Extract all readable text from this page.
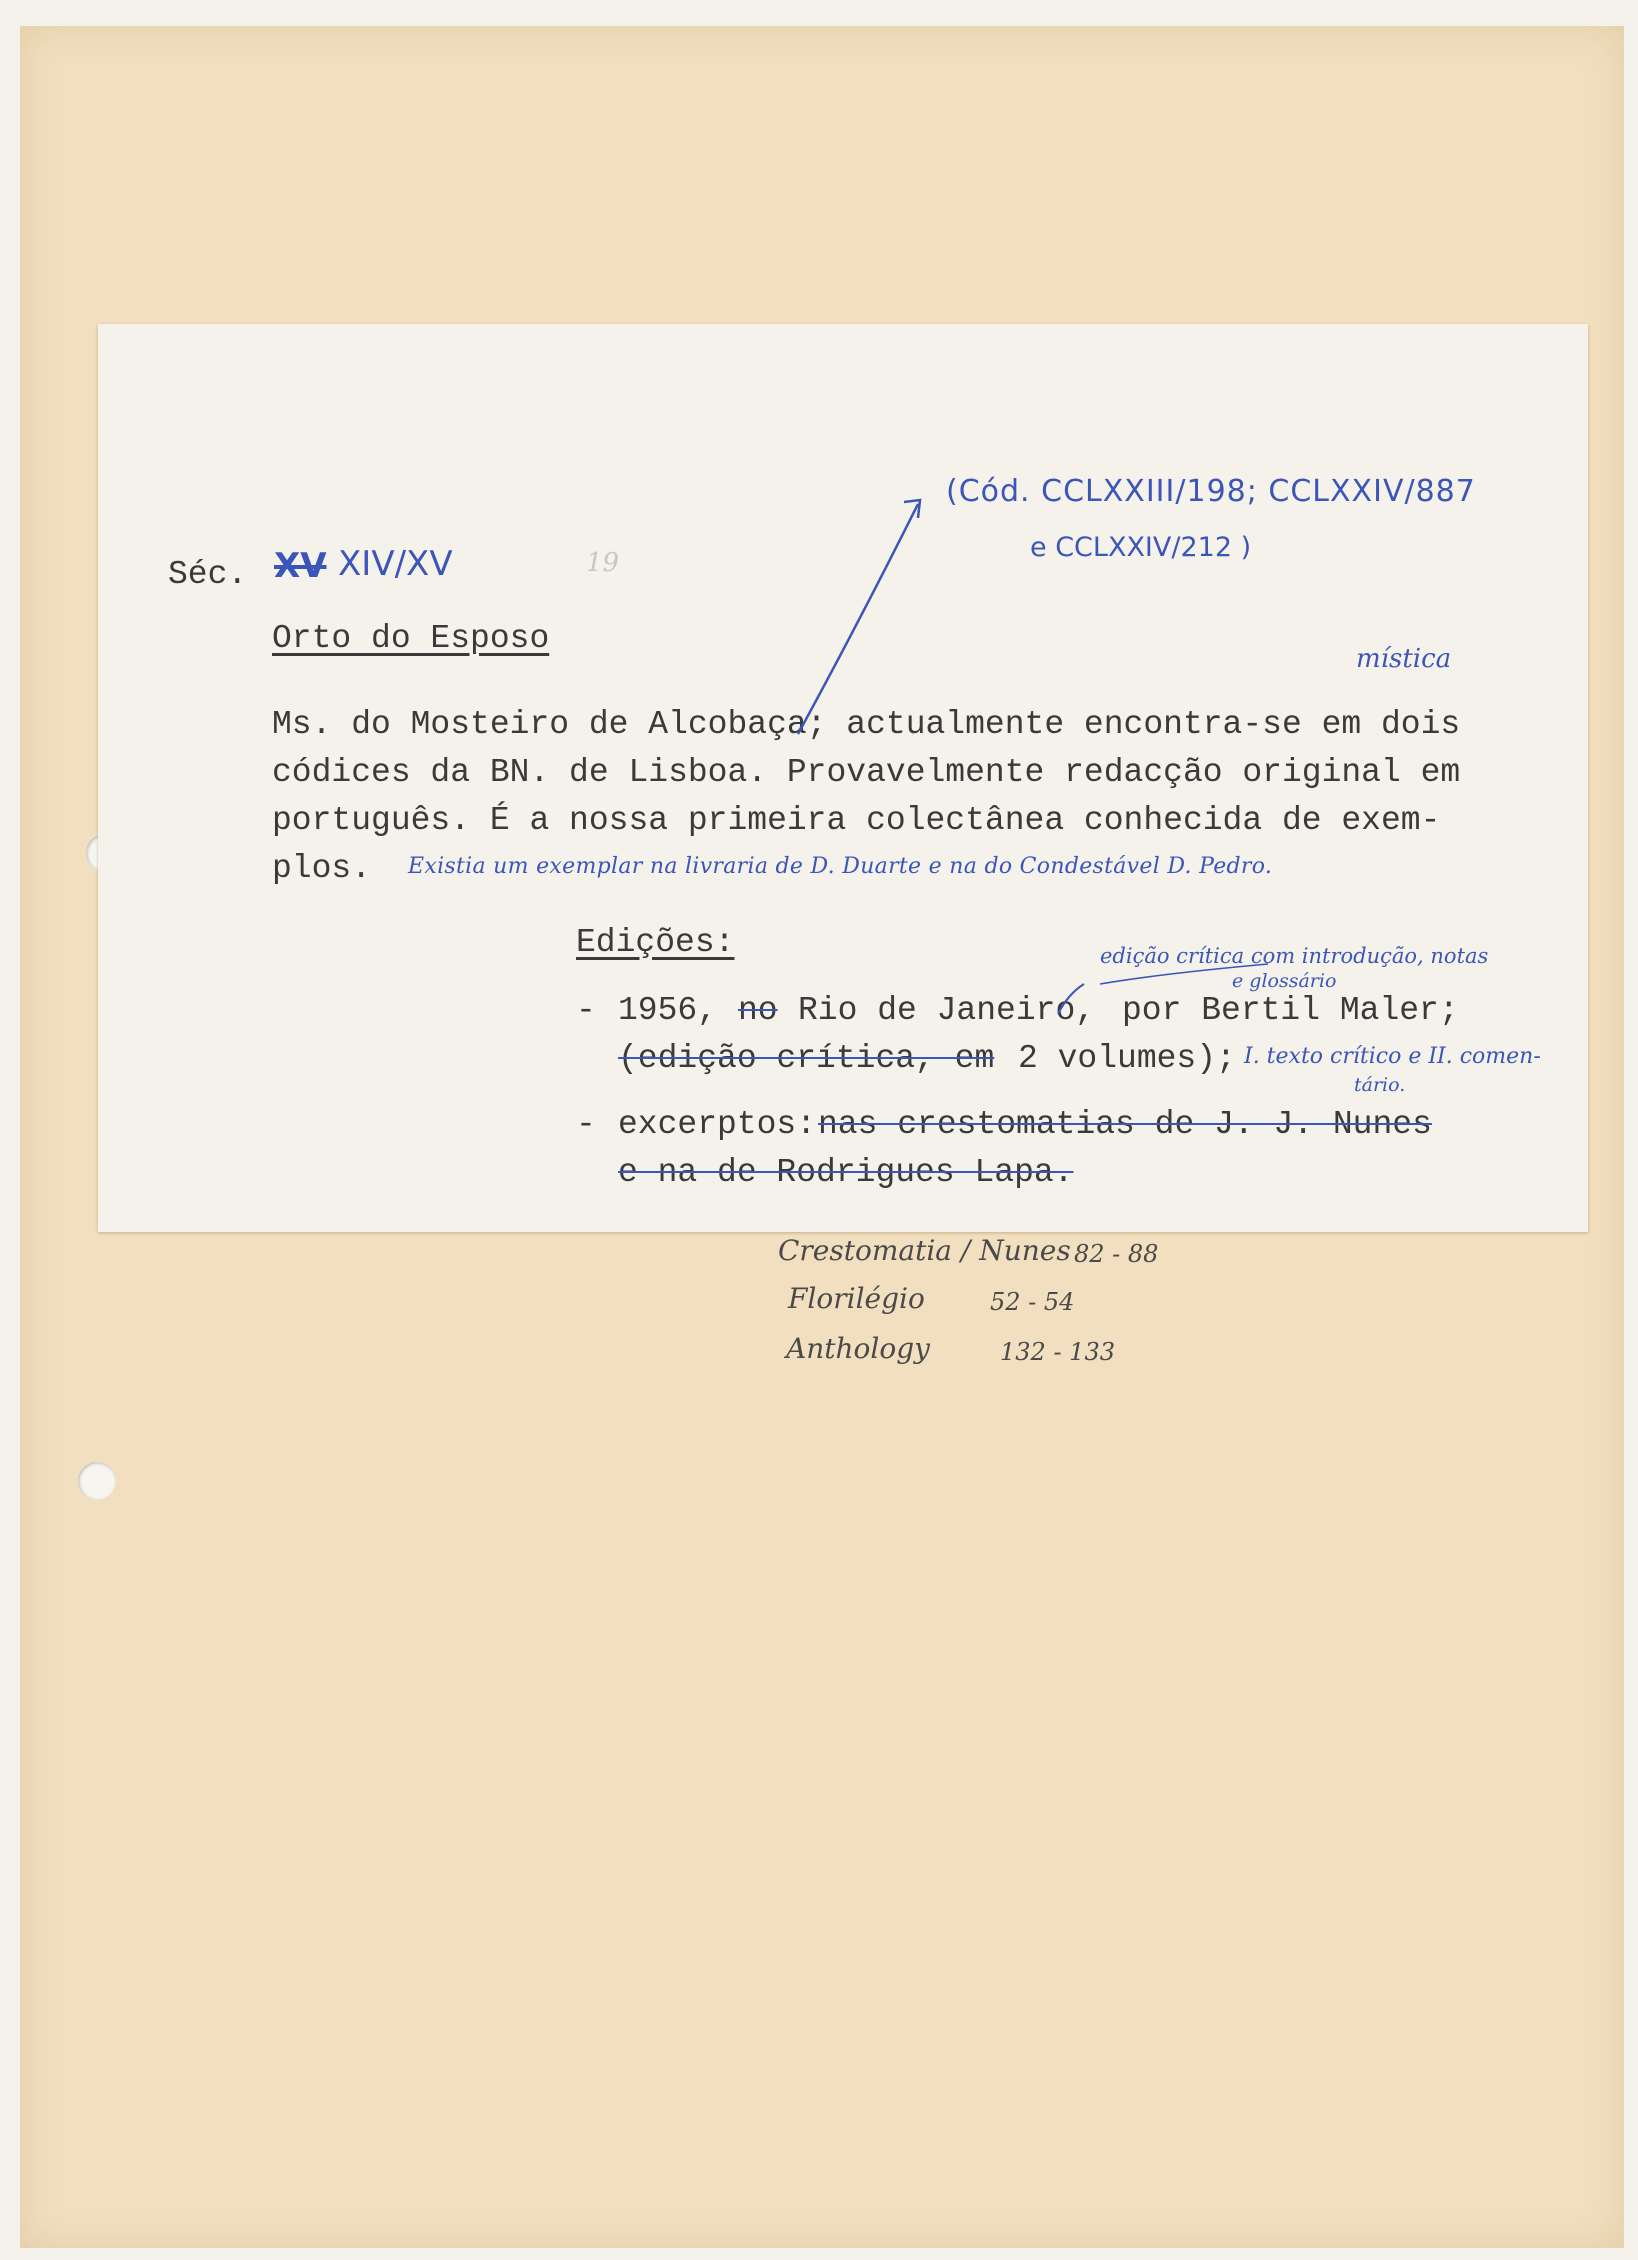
Séc. XV XIV/XV	19
(Cód. CCLXXIII/198; CCLXXIV/887
e CCLXXIV/212 )
Orto do Esposo
mística
Ms. do Mosteiro de Alcobaça; actualmente encontra-se em dois
códices da BN. de Lisboa. Provavelmente redacção original em
português. É a nossa primeira colectânea conhecida de exem-
plos. Existia um exemplar na livraria de D. Duarte e na do Condestável D. Pedro.
Edições:	edição crítica com introdução, notas
e glossário
- 1956, no Rio de Janeiro, por Bertil Maler;
(edição crítica, em 2 volumes); I. texto crítico e II. comen-
tário.
- excerptos: nas crestomatias de J. J. Nunes
e na de Rodrigues Lapa.
Crestomatia / Nunes 82 - 88
Florilégio	52 - 54
Anthology	132 - 133
